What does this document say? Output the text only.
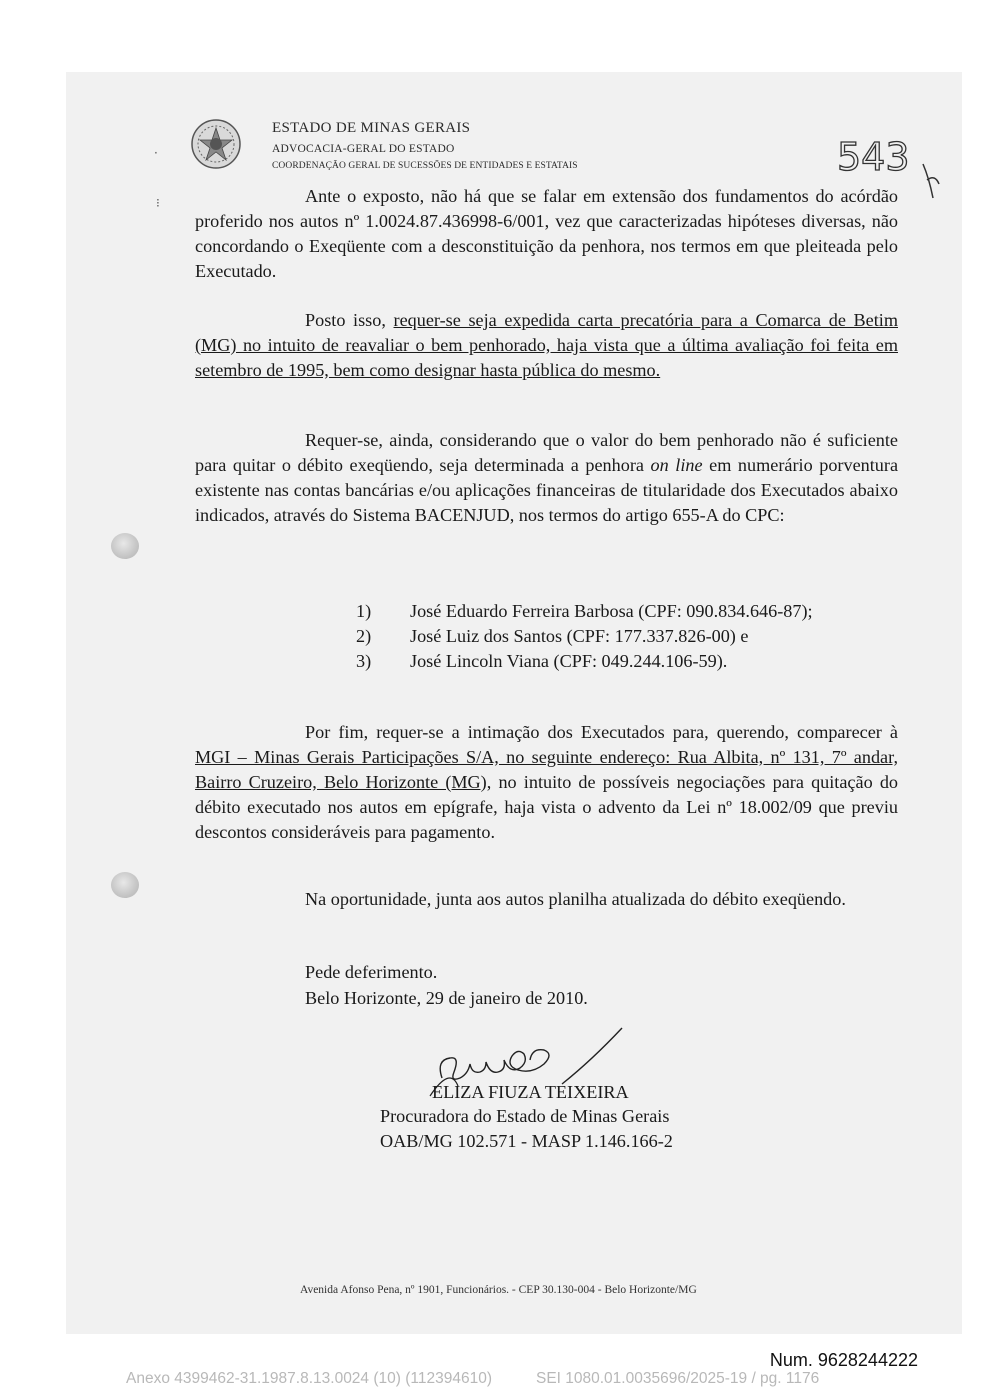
ESTADO DE MINAS GERAIS
ADVOCACIA-GERAL DO ESTADO
COORDENAÇÃO GERAL DE SUCESSÕES DE ENTIDADES E ESTATAIS	543
·
⁝	Ante o exposto, não há que se falar em extensão dos fundamentos do acórdão proferido nos autos nº 1.0024.87.436998-6/001, vez que caracterizadas hipóteses diversas, não concordando o Exeqüente com a desconstituição da penhora, nos termos em que pleiteada pelo Executado.
Posto isso, requer-se seja expedida carta precatória para a Comarca de Betim (MG) no intuito de reavaliar o bem penhorado, haja vista que a última avaliação foi feita em setembro de 1995, bem como designar hasta pública do mesmo.
Requer-se, ainda, considerando que o valor do bem penhorado não é suficiente para quitar o débito exeqüendo, seja determinada a penhora on line em numerário porventura existente nas contas bancárias e/ou aplicações financeiras de titularidade dos Executados abaixo indicados, através do Sistema BACENJUD, nos termos do artigo 655-A do CPC:
1)	José Eduardo Ferreira Barbosa (CPF: 090.834.646-87);
2)	José Luiz dos Santos (CPF: 177.337.826-00) e
3)	José Lincoln Viana (CPF: 049.244.106-59).
Por fim, requer-se a intimação dos Executados para, querendo, comparecer à MGI – Minas Gerais Participações S/A, no seguinte endereço: Rua Albita, nº 131, 7º andar, Bairro Cruzeiro, Belo Horizonte (MG), no intuito de possíveis negociações para quitação do débito executado nos autos em epígrafe, haja vista o advento da Lei nº 18.002/09 que previu descontos consideráveis para pagamento.
Na oportunidade, junta aos autos planilha atualizada do débito exeqüendo.
Pede deferimento.
Belo Horizonte, 29 de janeiro de 2010.
ELIZA FIUZA TEIXEIRA
Procuradora do Estado de Minas Gerais
OAB/MG 102.571 - MASP 1.146.166-2
Avenida Afonso Pena, nº 1901, Funcionários. - CEP 30.130-004 - Belo Horizonte/MG
Num. 9628244222
Anexo 4399462-31.1987.8.13.0024 (10) (112394610)	SEI 1080.01.0035696/2025-19 / pg. 1176
